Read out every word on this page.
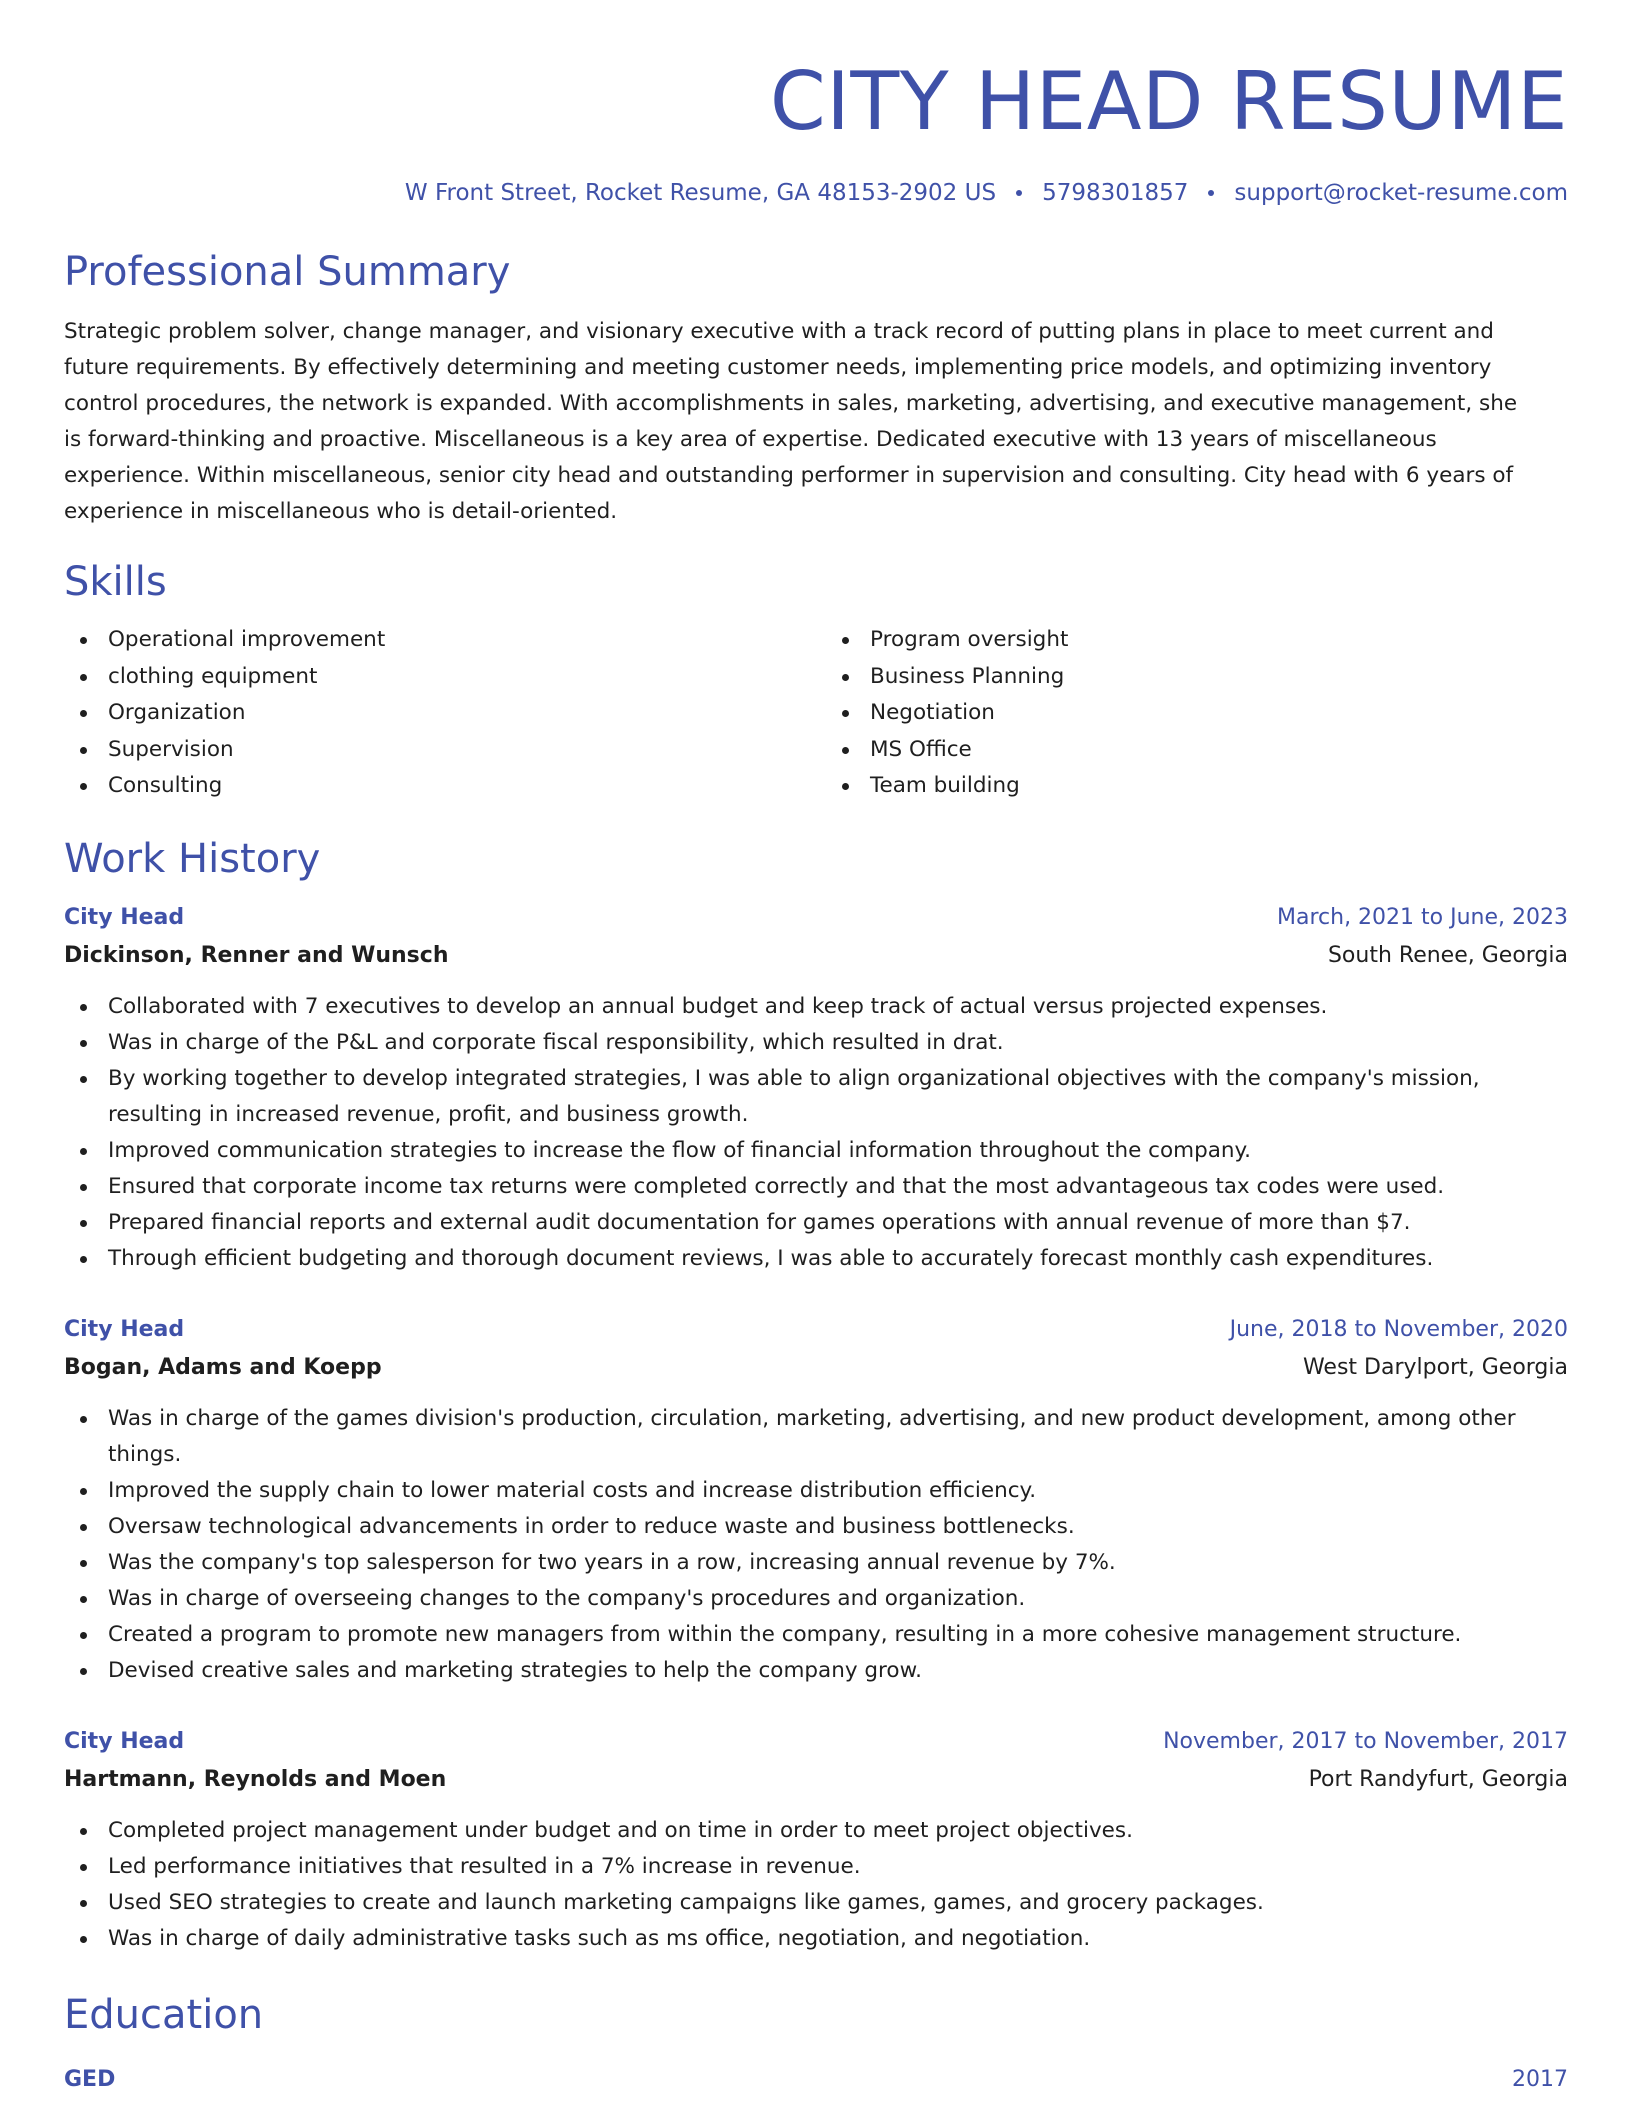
CITY HEAD RESUME
W Front Street, Rocket Resume, GA 48153-2902 US 5798301857 support@rocket-resume.com
Professional Summary

Strategic problem solver, change manager, and visionary executive with a track record of putting plans in place to meet current and future requirements. By effectively determining and meeting customer needs, implementing price models, and optimizing inventory control procedures, the network is expanded. With accomplishments in sales, marketing, advertising, and executive management, she is forward-thinking and proactive. Miscellaneous is a key area of expertise. Dedicated executive with 13 years of miscellaneous experience. Within miscellaneous, senior city head and outstanding performer in supervision and consulting. City head with 6 years of experience in miscellaneous who is detail-oriented.

Skills
Operational improvement
clothing equipment
Organization
Supervision
Consulting
Program oversight
Business Planning
Negotiation
MS Office
Team building
Work History
City Head	March, 2021 to June, 2023
Dickinson, Renner and Wunsch	South Renee, Georgia
Collaborated with 7 executives to develop an annual budget and keep track of actual versus projected expenses.
Was in charge of the P&L and corporate fiscal responsibility, which resulted in drat.
By working together to develop integrated strategies, I was able to align organizational objectives with the company's mission, resulting in increased revenue, profit, and business growth.
Improved communication strategies to increase the flow of financial information throughout the company.
Ensured that corporate income tax returns were completed correctly and that the most advantageous tax codes were used.
Prepared financial reports and external audit documentation for games operations with annual revenue of more than $7.
Through efficient budgeting and thorough document reviews, I was able to accurately forecast monthly cash expenditures.
City Head	June, 2018 to November, 2020
Bogan, Adams and Koepp	West Darylport, Georgia
Was in charge of the games division's production, circulation, marketing, advertising, and new product development, among other things.
Improved the supply chain to lower material costs and increase distribution efficiency.
Oversaw technological advancements in order to reduce waste and business bottlenecks.
Was the company's top salesperson for two years in a row, increasing annual revenue by 7%.
Was in charge of overseeing changes to the company's procedures and organization.
Created a program to promote new managers from within the company, resulting in a more cohesive management structure.
Devised creative sales and marketing strategies to help the company grow.
City Head	November, 2017 to November, 2017
Hartmann, Reynolds and Moen	Port Randyfurt, Georgia
Completed project management under budget and on time in order to meet project objectives.
Led performance initiatives that resulted in a 7% increase in revenue.
Used SEO strategies to create and launch marketing campaigns like games, games, and grocery packages.
Was in charge of daily administrative tasks such as ms office, negotiation, and negotiation.
Education
GED	2017
